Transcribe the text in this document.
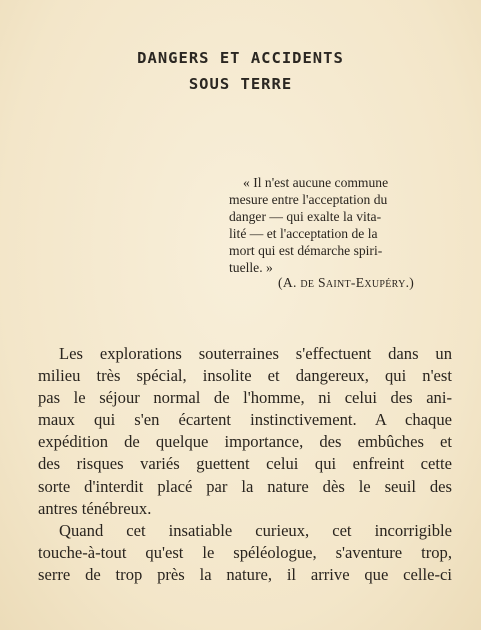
DANGERS ET ACCIDENTS
SOUS TERRE
« Il n'est aucune commune
mesure entre l'acceptation du
danger — qui exalte la vita-
lité — et l'acceptation de la
mort qui est démarche spiri-
tuelle. »
(A. de Saint-Exupéry.)
Les explorations souterraines s'effectuent dans un
milieu très spécial, insolite et dangereux, qui n'est
pas le séjour normal de l'homme, ni celui des ani-
maux qui s'en écartent instinctivement. A chaque
expédition de quelque importance, des embûches et
des risques variés guettent celui qui enfreint cette
sorte d'interdit placé par la nature dès le seuil des
antres ténébreux.
Quand cet insatiable curieux, cet incorrigible
touche-à-tout qu'est le spéléologue, s'aventure trop,
serre de trop près la nature, il arrive que celle-ci
